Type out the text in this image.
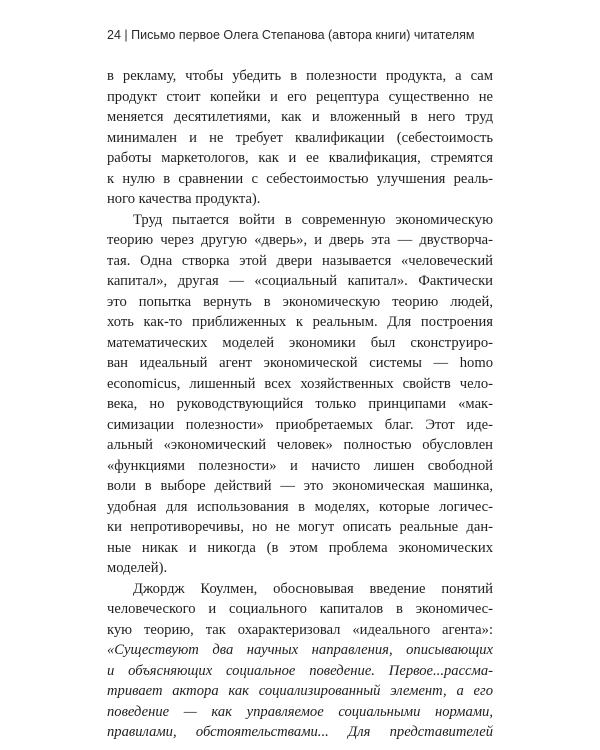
24 | Письмо первое Олега Степанова (автора книги) читателям
в рекламу, чтобы убедить в полезности продукта, а сам
продукт стоит копейки и его рецептура существенно не
меняется десятилетиями, как и вложенный в него труд
минимален и не требует квалификации (себестоимость
работы маркетологов, как и ее квалификация, стремятся
к нулю в сравнении с себестоимостью улучшения реаль-
ного качества продукта).
Труд пытается войти в современную экономическую
теорию через другую «дверь», и дверь эта — двустворча-
тая. Одна створка этой двери называется «человеческий
капитал», другая — «социальный капитал». Фактически
это попытка вернуть в экономическую теорию людей,
хоть как-то приближенных к реальным. Для построения
математических моделей экономики был сконструиро-
ван идеальный агент экономической системы — homo
economicus, лишенный всех хозяйственных свойств чело-
века, но руководствующийся только принципами «мак-
симизации полезности» приобретаемых благ. Этот иде-
альный «экономический человек» полностью обусловлен
«функциями полезности» и начисто лишен свободной
воли в выборе действий — это экономическая машинка,
удобная для использования в моделях, которые логичес-
ки непротиворечивы, но не могут описать реальные дан-
ные никак и никогда (в этом проблема экономических
моделей).
Джордж Коулмен, обосновывая введение понятий
человеческого и социального капиталов в экономичес-
кую теорию, так охарактеризовал «идеального агента»:
«Существуют два научных направления, описывающих
и объясняющих социальное поведение. Первое...рассма-
тривает актора как социализированный элемент, а его
поведение — как управляемое социальными нормами,
правилами, обстоятельствами... Для представителей
